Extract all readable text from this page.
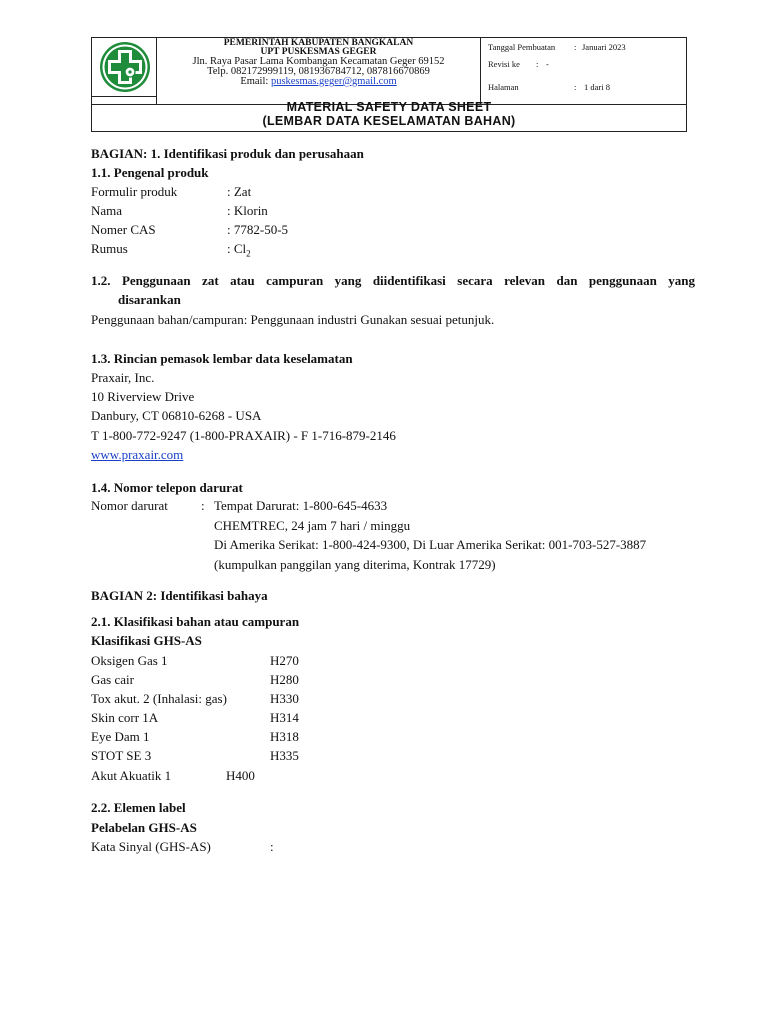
PEMERINTAH KABUPATEN BANGKALAN
UPT PUSKESMAS GEGER
Jln. Raya Pasar Lama Kombangan Kecamatan Geger 69152
Telp. 082172999119, 081936784712, 087816670869
Email: puskesmas.geger@gmail.com
Tanggal Pembuatan : Januari 2023
Revisi ke : -
Halaman	: 1 dari 8
MATERIAL SAFETY DATA SHEET
(LEMBAR DATA KESELAMATAN BAHAN)
BAGIAN: 1. Identifikasi produk dan perusahaan
1.1. Pengenal produk
Formulir produk	: Zat
Nama	: Klorin
Nomer CAS	: 7782-50-5
Rumus	: $Cl_2$
1.2. Penggunaan zat atau campuran yang diidentifikasi secara relevan dan penggunaan yang
disarankan
Penggunaan bahan/campuran: Penggunaan industri Gunakan sesuai petunjuk.
1.3. Rincian pemasok lembar data keselamatan
Praxair, Inc.
10 Riverview Drive
Danbury, CT 06810-6268 - USA
T 1-800-772-9247 (1-800-PRAXAIR) - F 1-716-879-2146
www.praxair.com
1.4. Nomor telepon darurat
Nomor darurat	: Tempat Darurat: 1-800-645-4633
CHEMTREC, 24 jam 7 hari / minggu
Di Amerika Serikat: 1-800-424-9300, Di Luar Amerika Serikat: 001-703-527-3887
(kumpulkan panggilan yang diterima, Kontrak 17729)
BAGIAN 2: Identifikasi bahaya
2.1. Klasifikasi bahan atau campuran
Klasifikasi GHS-AS
Oksigen Gas 1	H270
Gas cair	H280
Tox akut. 2 (Inhalasi: gas)	H330
Skin corr 1A	H314
Eye Dam 1	H318
STOT SE 3	H335
Akut Akuatik 1	H400
2.2. Elemen label
Pelabelan GHS-AS
Kata Sinyal (GHS-AS)	:
